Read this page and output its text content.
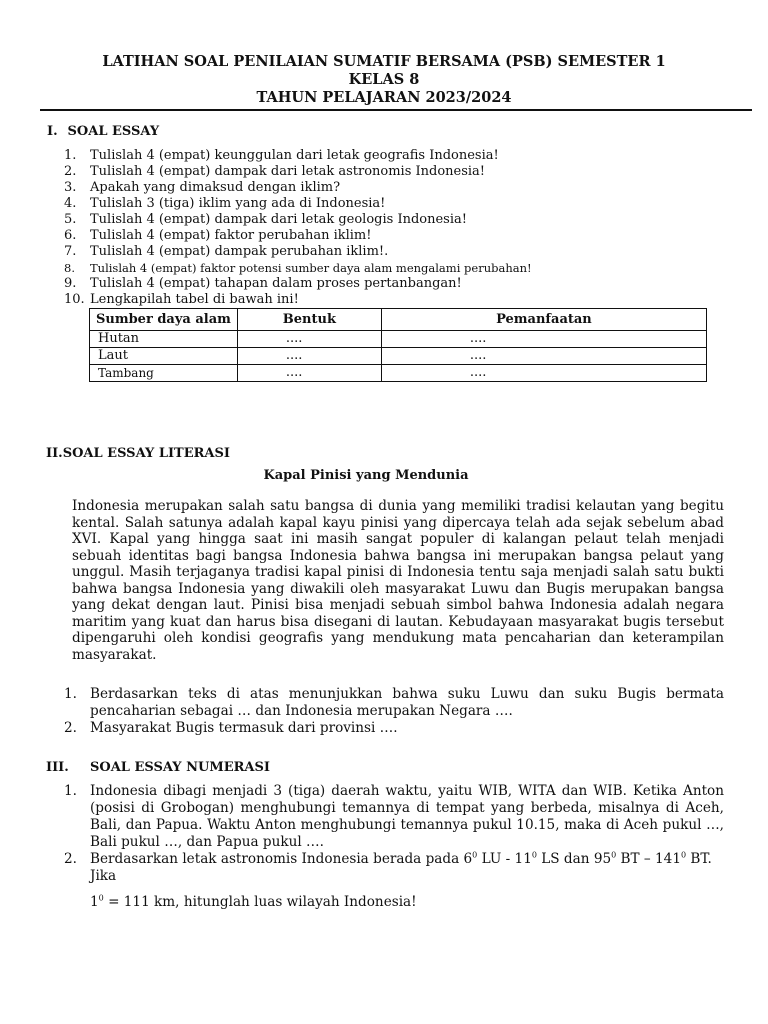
LATIHAN SOAL PENILAIAN SUMATIF BERSAMA (PSB) SEMESTER 1
KELAS 8
TAHUN PELAJARAN 2023/2024
I. SOAL ESSAY
1. Tulislah 4 (empat) keunggulan dari letak geografis Indonesia!
2. Tulislah 4 (empat) dampak dari letak astronomis Indonesia!
3. Apakah yang dimaksud dengan iklim?
4. Tulislah 3 (tiga) iklim yang ada di Indonesia!
5. Tulislah 4 (empat) dampak dari letak geologis Indonesia!
6. Tulislah 4 (empat) faktor perubahan iklim!
7. Tulislah 4 (empat) dampak perubahan iklim!.
8. Tulislah 4 (empat) faktor potensi sumber daya alam mengalami perubahan!
9. Tulislah 4 (empat) tahapan dalam proses pertanbangan!
10. Lengkapilah tabel di bawah ini!
Sumber daya alam	Bentuk	Pemanfaatan
Hutan	....	....
Laut	....	....
Tambang	....	....
II.SOAL ESSAY LITERASI
Kapal Pinisi yang Mendunia
Indonesia merupakan salah satu bangsa di dunia yang memiliki tradisi kelautan yang begitu kental. Salah satunya adalah kapal kayu pinisi yang dipercaya telah ada sejak sebelum abad XVI. Kapal yang hingga saat ini masih sangat populer di kalangan pelaut telah menjadi sebuah identitas bagi bangsa Indonesia bahwa bangsa ini merupakan bangsa pelaut yang unggul. Masih terjaganya tradisi kapal pinisi di Indonesia tentu saja menjadi salah satu bukti bahwa bangsa Indonesia yang diwakili oleh masyarakat Luwu dan Bugis merupakan bangsa yang dekat dengan laut. Pinisi bisa menjadi sebuah simbol bahwa Indonesia adalah negara maritim yang kuat dan harus bisa disegani di lautan. Kebudayaan masyarakat bugis tersebut dipengaruhi oleh kondisi geografis yang mendukung mata pencaharian dan keterampilan masyarakat.
1. Berdasarkan teks di atas menunjukkan bahwa suku Luwu dan suku Bugis bermata pencaharian sebagai … dan Indonesia merupakan Negara ….
2. Masyarakat Bugis termasuk dari provinsi ….
III. SOAL ESSAY NUMERASI
1. Indonesia dibagi menjadi 3 (tiga) daerah waktu, yaitu WIB, WITA dan WIB. Ketika Anton (posisi di Grobogan) menghubungi temannya di tempat yang berbeda, misalnya di Aceh, Bali, dan Papua. Waktu Anton menghubungi temannya pukul 10.15, maka di Aceh pukul …, Bali pukul …, dan Papua pukul ….
2. Berdasarkan letak astronomis Indonesia berada pada $6^0$ LU - $11^0$ LS dan $95^0$ BT – $141^0$ BT. Jika
$1^0 = 111$ km, hitunglah luas wilayah Indonesia!
